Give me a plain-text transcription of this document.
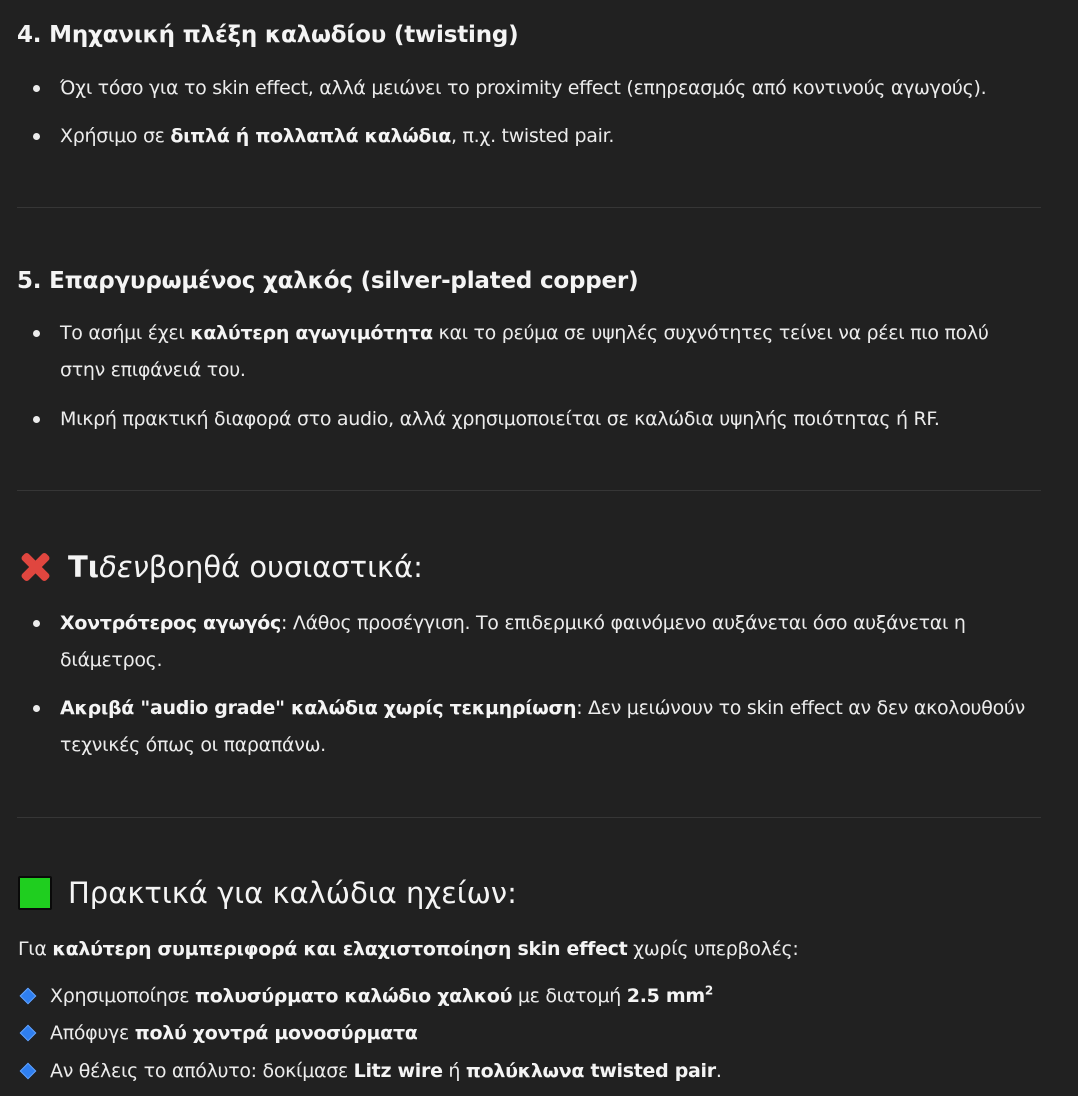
4. Μηχανική πλέξη καλωδίου (twisting)
Όχι τόσο για το skin effect, αλλά μειώνει το proximity effect (επηρεασμός από κοντινούς αγωγούς).
Χρήσιμο σε διπλά ή πολλαπλά καλώδια, π.χ. twisted pair.
5. Επαργυρωμένος χαλκός (silver-plated copper)
Το ασήμι έχει καλύτερη αγωγιμότητα και το ρεύμα σε υψηλές συχνότητες τείνει να ρέει πιο πολύ στην επιφάνειά του.
Μικρή πρακτική διαφορά στο audio, αλλά χρησιμοποιείται σε καλώδια υψηλής ποιότητας ή RF.
Τι δεν βοηθά ουσιαστικά:
Χοντρότερος αγωγός: Λάθος προσέγγιση. Το επιδερμικό φαινόμενο αυξάνεται όσο αυξάνεται η διάμετρος.
Ακριβά "audio grade" καλώδια χωρίς τεκμηρίωση: Δεν μειώνουν το skin effect αν δεν ακολουθούν τεχνικές όπως οι παραπάνω.
Πρακτικά για καλώδια ηχείων:
Για καλύτερη συμπεριφορά και ελαχιστοποίηση skin effect χωρίς υπερβολές:
Χρησιμοποίησε πολυσύρματο καλώδιο χαλκού με διατομή 2.5 $mm^2$
Απόφυγε πολύ χοντρά μονοσύρματα
Αν θέλεις το απόλυτο: δοκίμασε Litz wire ή πολύκλωνα twisted pair.
